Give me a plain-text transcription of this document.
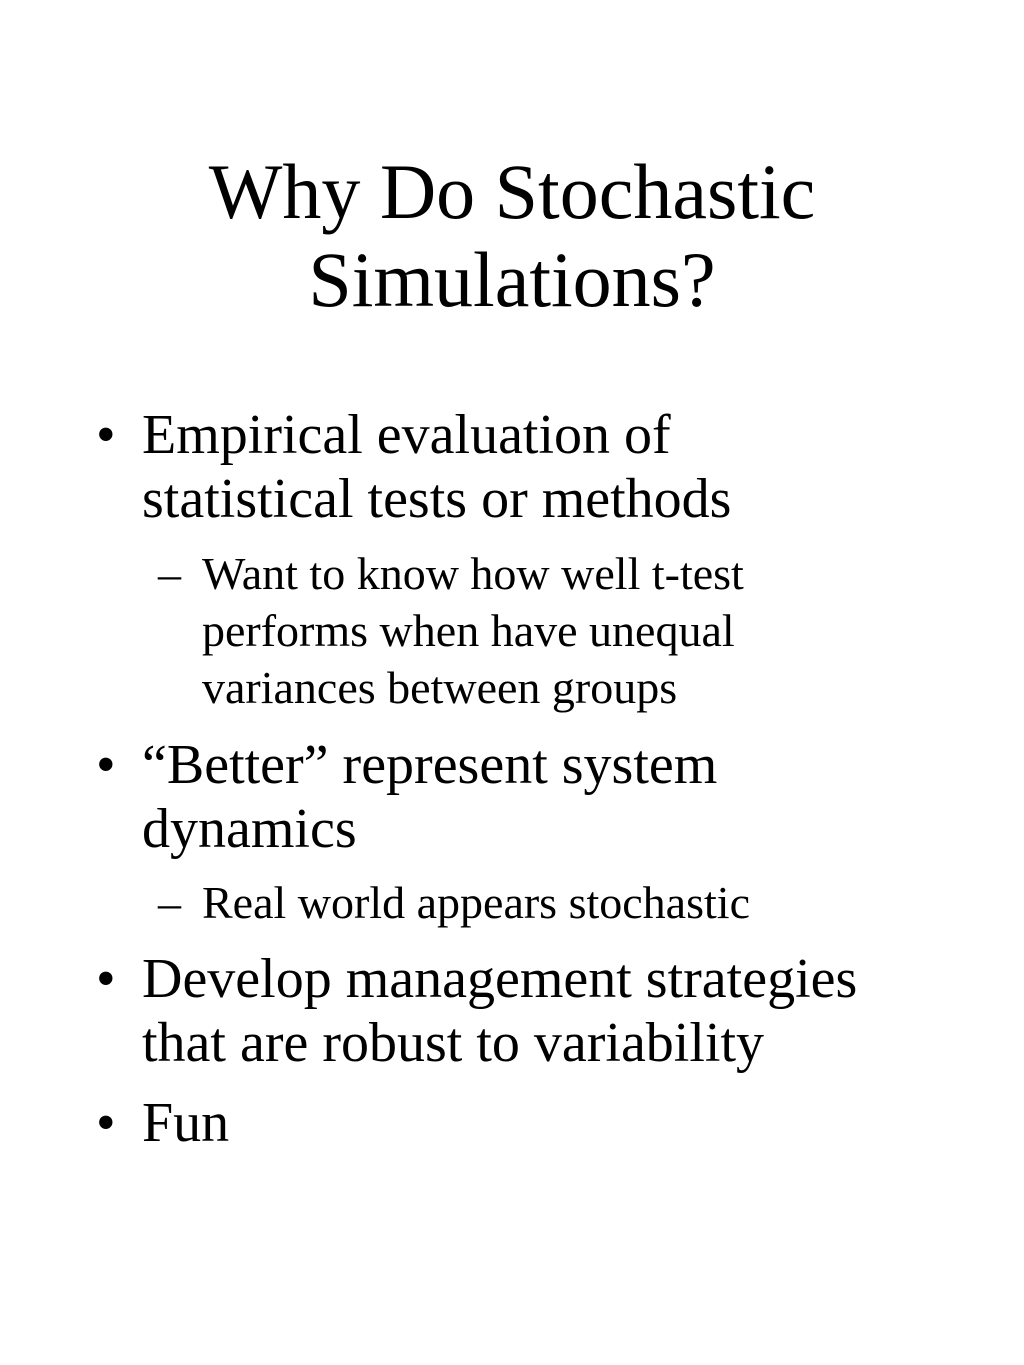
Why Do Stochastic
Simulations?
• Empirical evaluation of
statistical tests or methods
– Want to know how well t-test
performs when have unequal
variances between groups
• “Better” represent system
dynamics
– Real world appears stochastic
• Develop management strategies
that are robust to variability
• Fun
